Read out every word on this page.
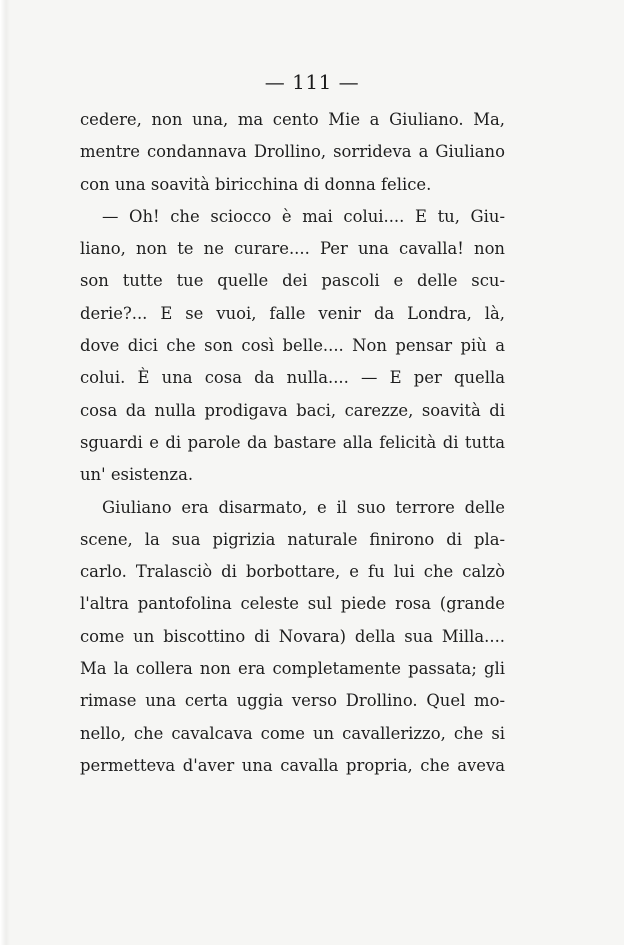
— 111 —
cedere, non una, ma cento Mie a Giuliano. Ma,
mentre condannava Drollino, sorrideva a Giuliano
con una soavità biricchina di donna felice.
— Oh! che sciocco è mai colui.... E tu, Giu-
liano, non te ne curare.... Per una cavalla! non
son tutte tue quelle dei pascoli e delle scu-
derie?... E se vuoi, falle venir da Londra, là,
dove dici che son così belle.... Non pensar più a
colui. È una cosa da nulla.... — E per quella
cosa da nulla prodigava baci, carezze, soavità di
sguardi e di parole da bastare alla felicità di tutta
un' esistenza.
Giuliano era disarmato, e il suo terrore delle
scene, la sua pigrizia naturale finirono di pla-
carlo. Tralasciò di borbottare, e fu lui che calzò
l'altra pantofolina celeste sul piede rosa (grande
come un biscottino di Novara) della sua Milla....
Ma la collera non era completamente passata; gli
rimase una certa uggia verso Drollino. Quel mo-
nello, che cavalcava come un cavallerizzo, che si
permetteva d'aver una cavalla propria, che aveva
